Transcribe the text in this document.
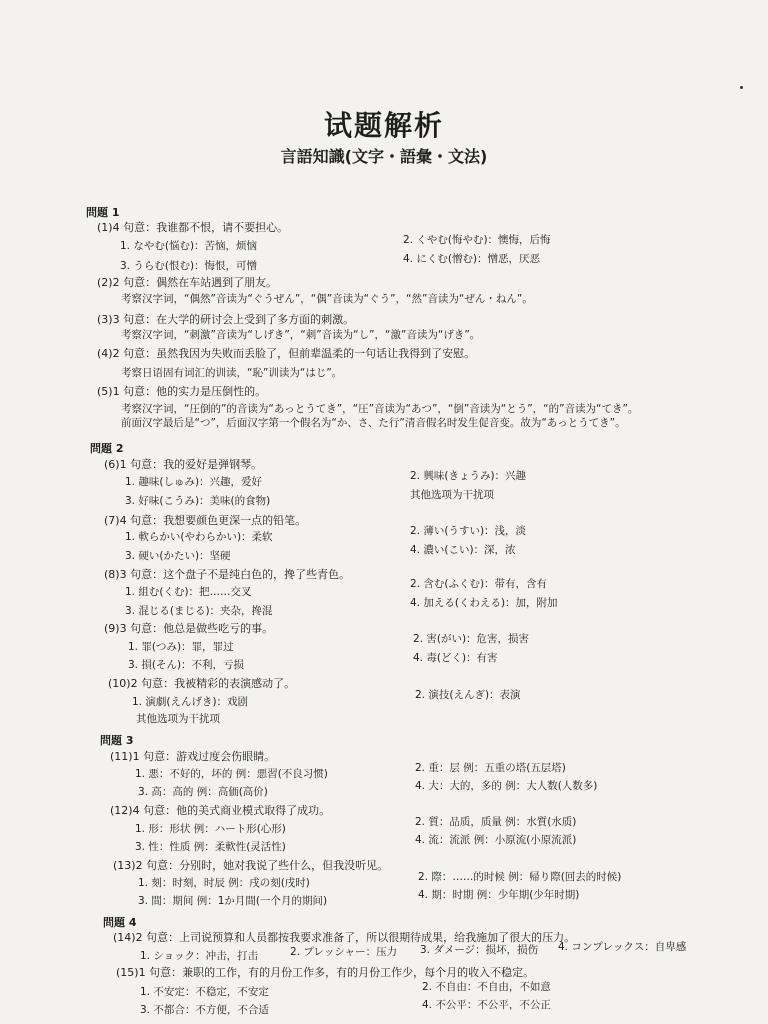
试题解析
言語知識(文字・語彙・文法)
問題 1
(1)4 句意：我谁都不恨，请不要担心。
1. なやむ(悩む)：苦恼，烦恼	2. くやむ(悔やむ)：懊悔，后悔
3. うらむ(恨む)：悔恨，可憎
4. にくむ(憎む)：憎恶，厌恶
(2)2 句意：偶然在车站遇到了朋友。
考察汉字词，“偶然”音读为“ぐうぜん”，“偶”音读为“ぐう”，“然”音读为“ぜん・ねん”。
(3)3 句意：在大学的研讨会上受到了多方面的刺激。
考察汉字词，“刺激”音读为“しげき”，“刺”音读为“し”，“激”音读为“げき”。
(4)2 句意：虽然我因为失败而丢脸了，但前辈温柔的一句话让我得到了安慰。
考察日语固有词汇的训读，“恥”训读为“はじ”。
(5)1 句意：他的实力是压倒性的。
考察汉字词，“圧倒的”的音读为“あっとうてき”，“圧”音读为“あつ”，“倒”音读为“とう”，“的”音读为“てき”。
前面汉字最后是“つ”，后面汉字第一个假名为“か、さ、た行”清音假名时发生促音变。故为“あっとうてき”。
問題 2
(6)1 句意：我的爱好是弹钢琴。
1. 趣味(しゅみ)：兴趣，爱好	2. 興味(きょうみ)：兴趣
3. 好味(こうみ)：美味(的食物)	其他选项为干扰项
(7)4 句意：我想要颜色更深一点的铅笔。
1. 軟らかい(やわらかい)：柔软	2. 薄い(うすい)：浅，淡
3. 硬い(かたい)：坚硬	4. 濃い(こい)：深，浓
(8)3 句意：这个盘子不是纯白色的，搀了些青色。
1. 組む(くむ)：把……交叉
2. 含む(ふくむ)：带有，含有
3. 混じる(まじる)：夹杂，搀混
4. 加える(くわえる)：加，附加
(9)3 句意：他总是做些吃亏的事。
1. 罪(つみ)：罪，罪过
2. 害(がい)：危害，损害
3. 損(そん)：不利，亏损
4. 毒(どく)：有害
(10)2 句意：我被精彩的表演感动了。
1. 演劇(えんげき)：戏剧
2. 演技(えんぎ)：表演
其他选项为干扰项
問題 3
(11)1 句意：游戏过度会伤眼睛。
1. 悪：不好的，坏的 例：悪習(不良习惯)	2. 重：层 例：五重の塔(五层塔)
3. 高：高的 例：高価(高价)	4. 大：大的，多的 例：大人数(人数多)
(12)4 句意：他的美式商业模式取得了成功。
1. 形：形状 例：ハート形(心形)
2. 質：品质，质量 例：水質(水质)
3. 性：性质 例：柔軟性(灵活性)
4. 流：流派 例：小原流(小原流派)
(13)2 句意：分别时，她对我说了些什么，但我没听见。
1. 刻：时刻，时辰 例：戌の刻(戌时)	2. 際：……的时候 例：帰り際(回去的时候)
3. 間：期间 例：1か月間(一个月的期间)	4. 期：时期 例：少年期(少年时期)
問題 4
(14)2 句意：上司说预算和人员都按我要求准备了，所以很期待成果，给我施加了很大的压力。
1. ショック：冲击，打击	2. プレッシャー：压力 3. ダメージ：损坏，损伤 4. コンプレックス：自卑感
(15)1 句意：兼职的工作，有的月份工作多，有的月份工作少，每个月的收入不稳定。
1. 不安定：不稳定，不安定	2. 不自由：不自由，不如意
3. 不都合：不方便，不合适	4. 不公平：不公平，不公正
